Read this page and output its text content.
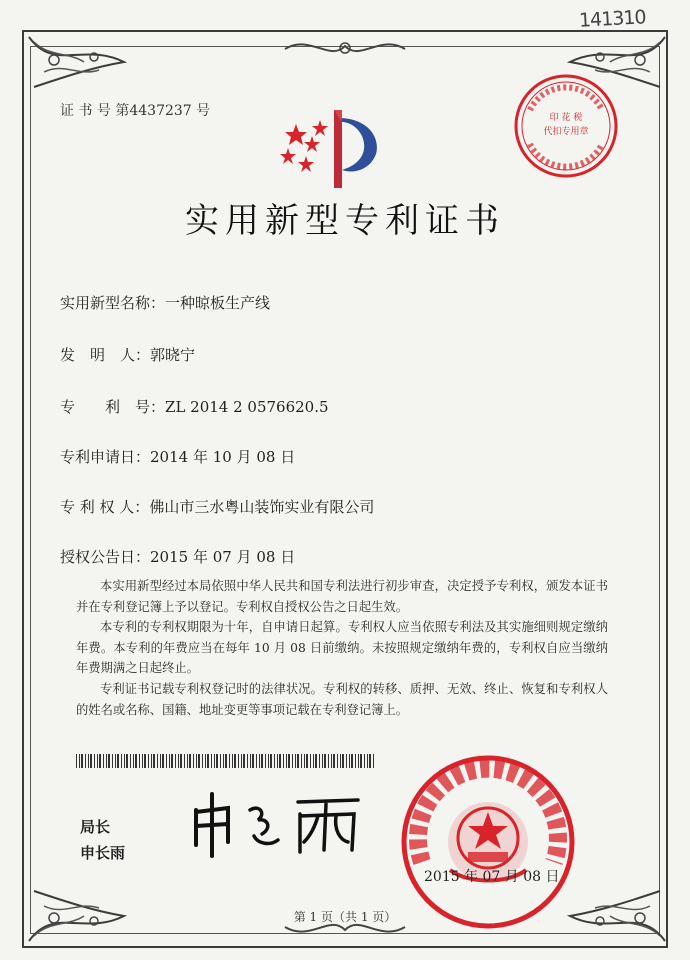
141310
证 书 号 第4437237 号	印 花 税
代扣专用章
实用新型专利证书
实用新型名称：一种晾板生产线
发　明　人：郭晓宁
专　　利　号：ZL 2014 2 0576620.5
专利申请日：2014 年 10 月 08 日
专 利 权 人：佛山市三水粤山装饰实业有限公司
授权公告日：2015 年 07 月 08 日

本实用新型经过本局依照中华人民共和国专利法进行初步审查，决定授予专利权，颁发本证书并在专利登记簿上予以登记。专利权自授权公告之日起生效。

本专利的专利权期限为十年，自申请日起算。专利权人应当依照专利法及其实施细则规定缴纳年费。本专利的年费应当在每年 10 月 08 日前缴纳。未按照规定缴纳年费的，专利权自应当缴纳年费期满之日起终止。

专利证书记载专利权登记时的法律状况。专利权的转移、质押、无效、终止、恢复和专利权人的姓名或名称、国籍、地址变更等事项记载在专利登记簿上。

局长
申长雨
2015 年 07 月 08 日
第 1 页（共 1 页）
